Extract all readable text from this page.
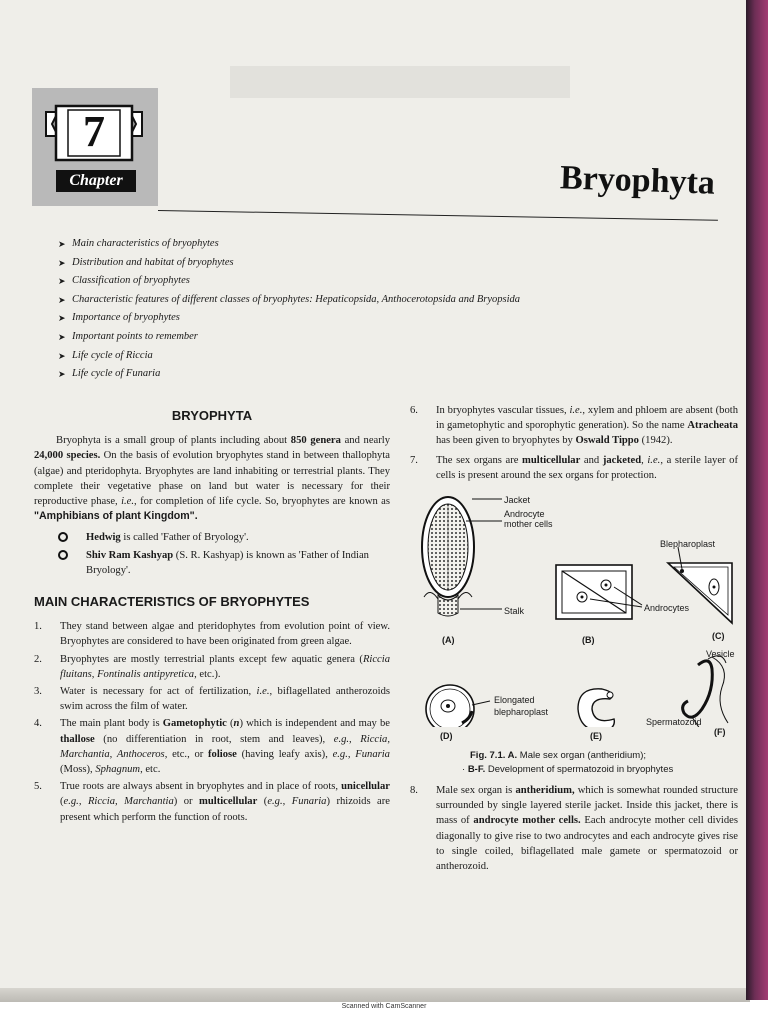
7
Chapter	Bryophyta
➤ Main characteristics of bryophytes
➤ Distribution and habitat of bryophytes
➤ Classification of bryophytes
➤ Characteristic features of different classes of bryophytes: Hepaticopsida, Anthocerotopsida and Bryopsida
➤ Importance of bryophytes
➤ Important points to remember
➤ Life cycle of Riccia
➤ Life cycle of Funaria
BRYOPHYTA

Bryophyta is a small group of plants including about 850 genera and nearly 24,000 species. On the basis of evolution bryophytes stand in between thallophyta (algae) and pteridophyta. Bryophytes are land inhabiting or terrestrial plants. They complete their vegetative phase on land but water is necessary for their reproductive phase, i.e., for completion of life cycle. So, bryophytes are known as "Amphibians of plant Kingdom".

Hedwig is called 'Father of Bryology'.
Shiv Ram Kashyap (S. R. Kashyap) is known as 'Father of Indian Bryology'.
MAIN CHARACTERISTICS OF BRYOPHYTES
1. They stand between algae and pteridophytes from evolution point of view. Bryophytes are considered to have been originated from green algae.
2. Bryophytes are mostly terrestrial plants except few aquatic genera (Riccia fluitans, Fontinalis antipyretica, etc.).
3. Water is necessary for act of fertilization, i.e., biflagellated antherozoids swim across the film of water.
4. The main plant body is Gametophytic (n) which is independent and may be thallose (no differentiation in root, stem and leaves), e.g., Riccia, Marchantia, Anthoceros, etc., or foliose (having leafy axis), e.g., Funaria (Moss), Sphagnum, etc.
5. True roots are always absent in bryophytes and in place of roots, unicellular (e.g., Riccia, Marchantia) or multicellular (e.g., Funaria) rhizoids are present which perform the function of roots.
6. In bryophytes vascular tissues, i.e., xylem and phloem are absent (both in gametophytic and sporophytic generation). So the name Atracheata has been given to bryophytes by Oswald Tippo (1942).
7. The sex organs are multicellular and jacketed, i.e., a sterile layer of cells is present around the sex organs for protection.
Jacket
Androcyte
mother cells
Stalk
Blepharoplast
Androcytes
(A)	(B)	(C)
Elongated
blepharoplast
Vesicle
Spermatozoid
(D)	(E)	(F)
Fig. 7.1. A. Male sex organ (antheridium);
· B-F. Development of spermatozoid in bryophytes
8. Male sex organ is antheridium, which is somewhat rounded structure surrounded by single layered sterile jacket. Inside this jacket, there is mass of androcyte mother cells. Each androcyte mother cell divides diagonally to give rise to two androcytes and each androcyte gives rise to single coiled, biflagellated male gamete or spermatozoid or antherozoid.
Scanned with CamScanner
